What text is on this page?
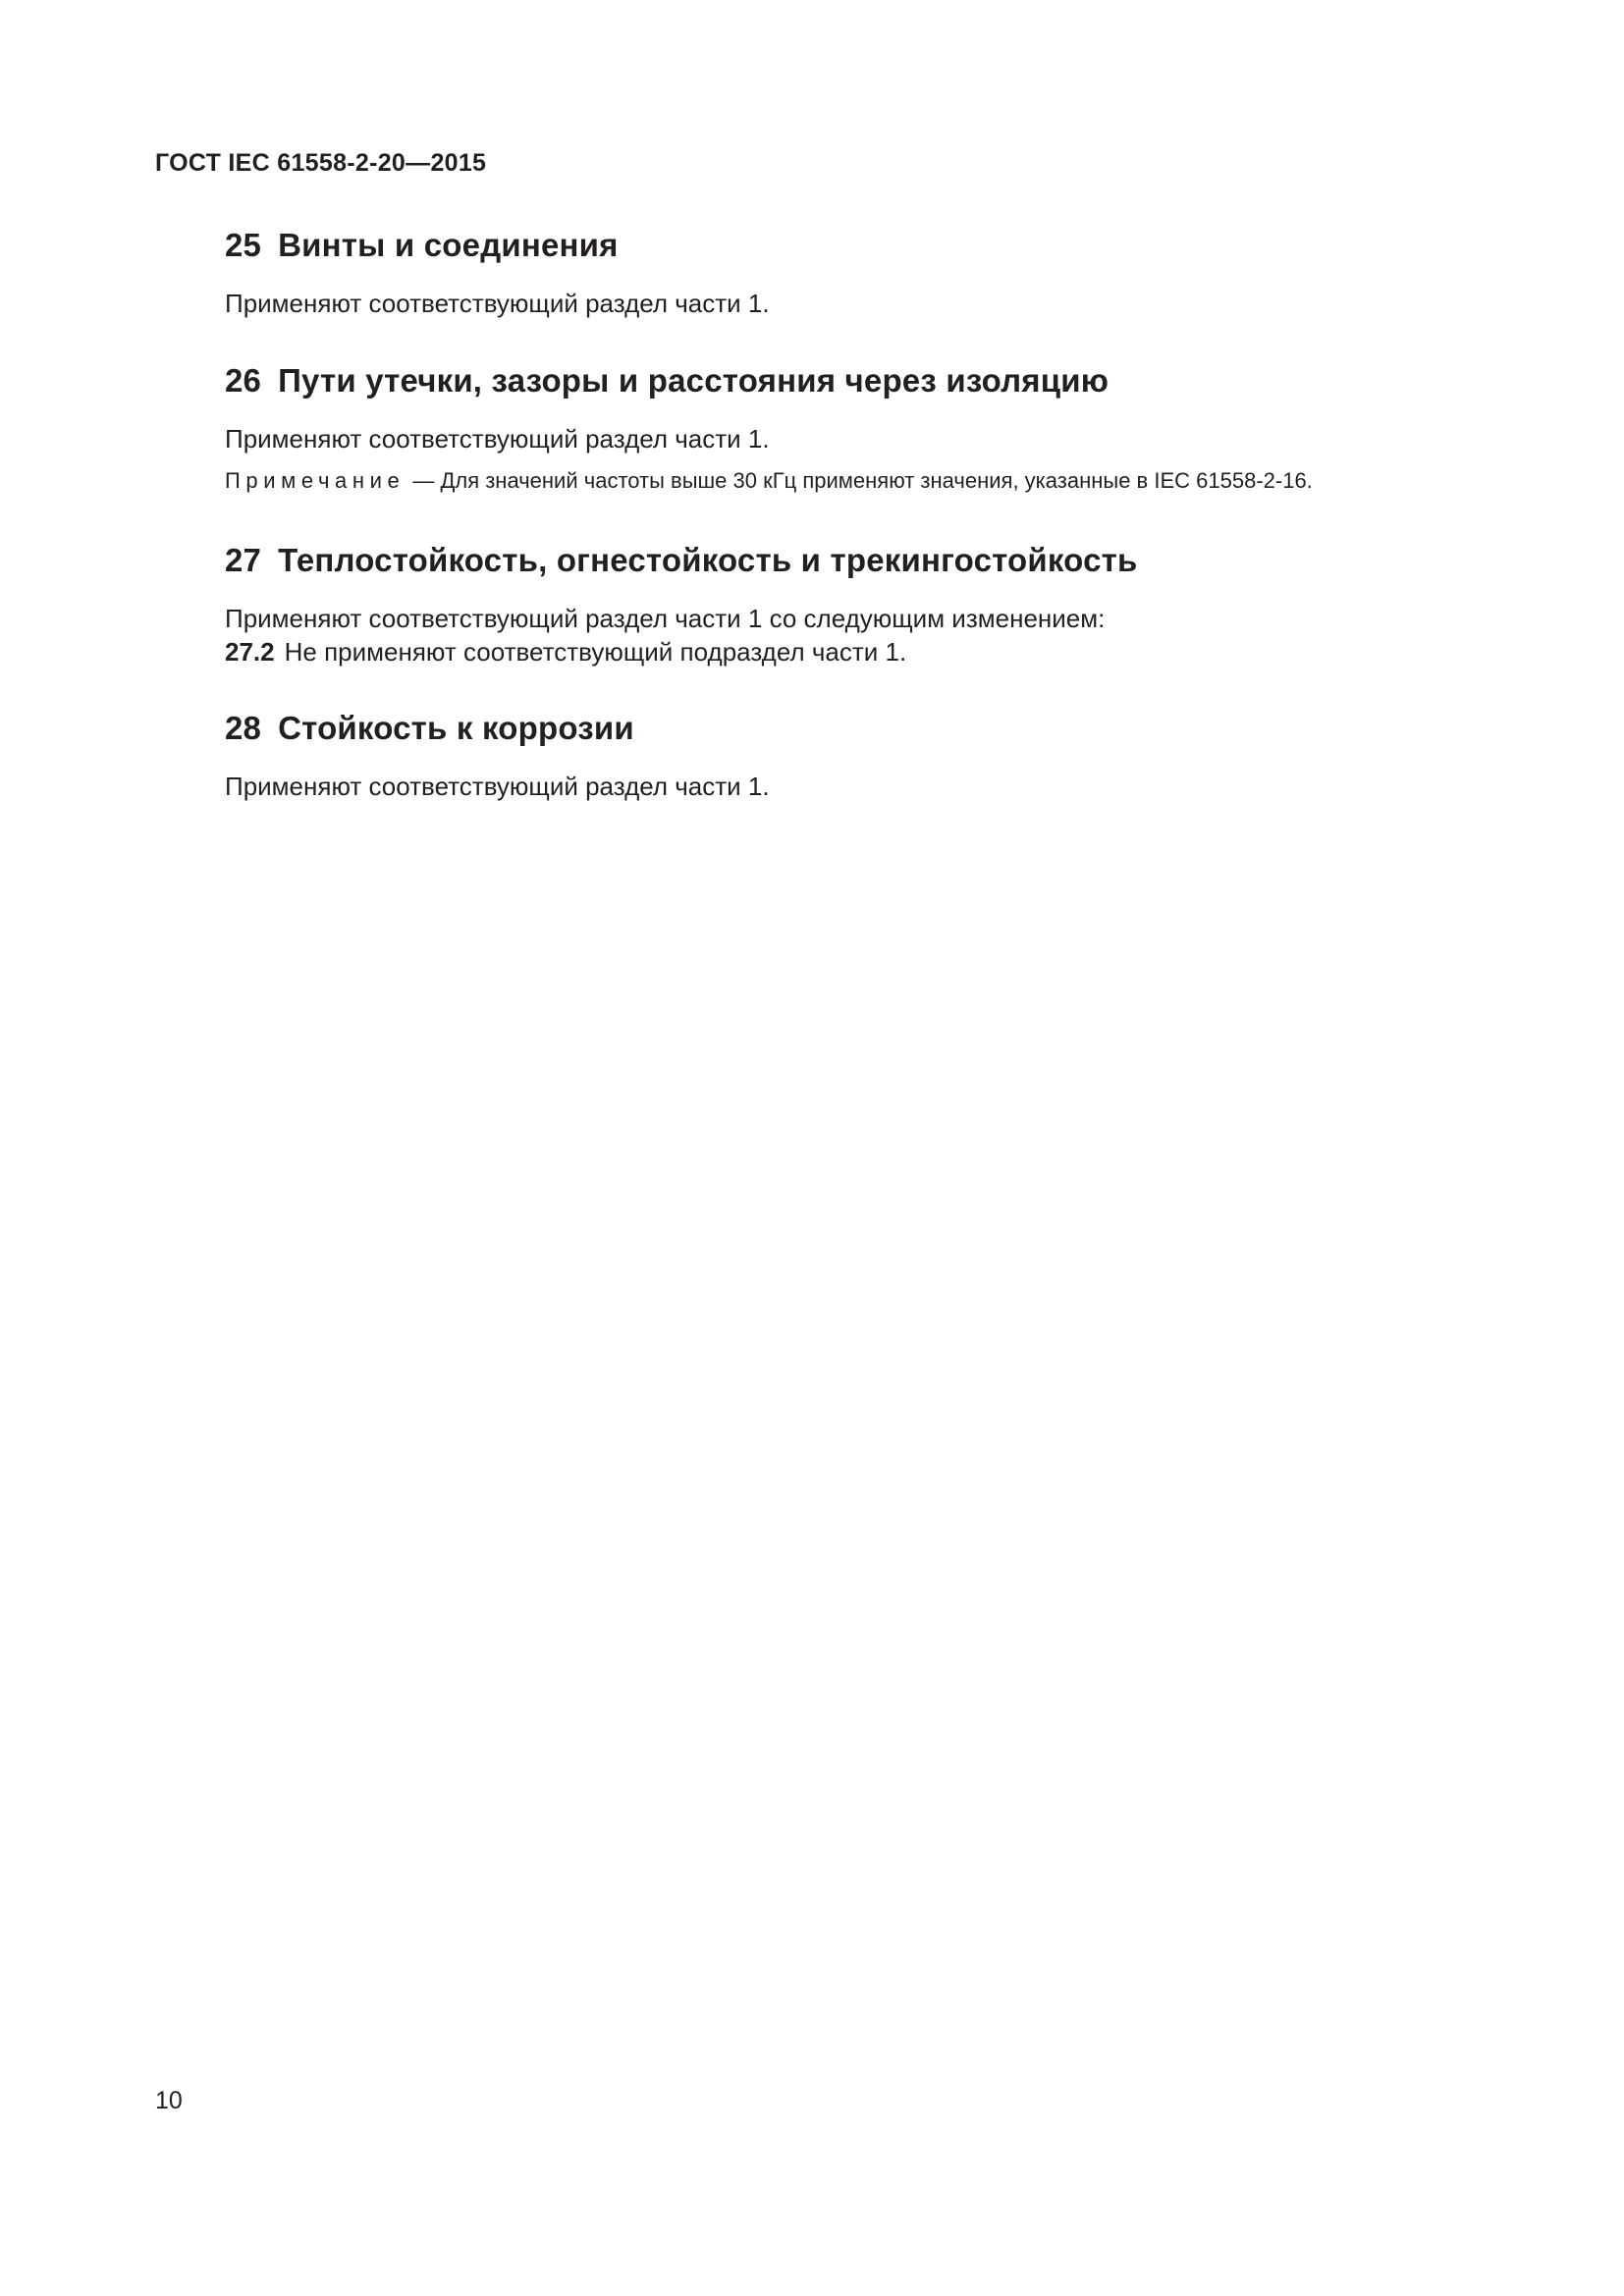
ГОСТ IEC 61558-2-20—2015

25 Винты и соединения

Применяют соответствующий раздел части 1.

26 Пути утечки, зазоры и расстояния через изоляцию

Применяют соответствующий раздел части 1.

Примечание — Для значений частоты выше 30 кГц применяют значения, указанные в IEC 61558-2-16.

27 Теплостойкость, огнестойкость и трекингостойкость

Применяют соответствующий раздел части 1 со следующим изменением:

27.2 Не применяют соответствующий подраздел части 1.

28 Стойкость к коррозии

Применяют соответствующий раздел части 1.

10
